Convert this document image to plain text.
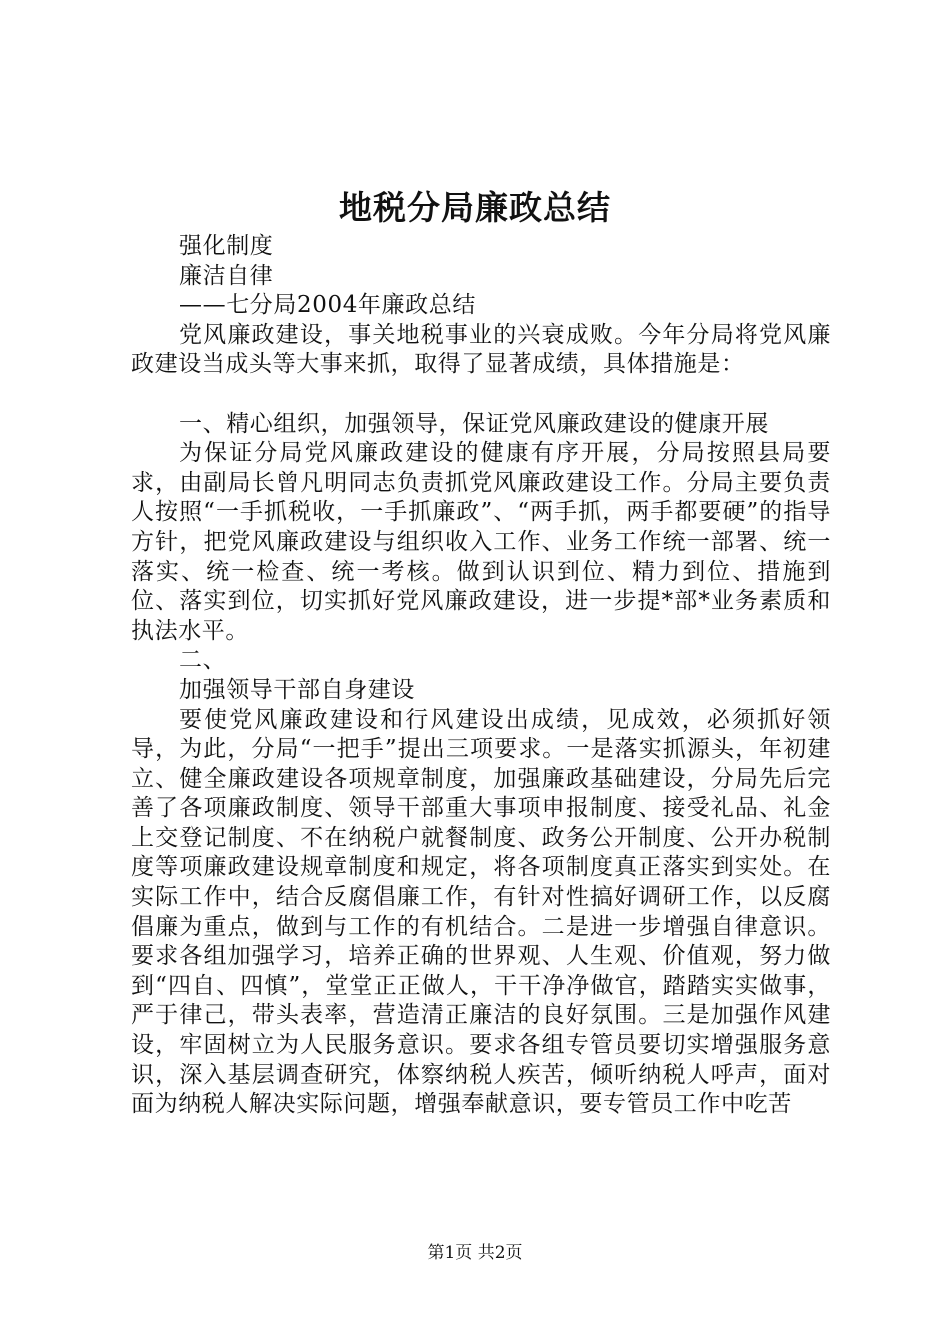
地税分局廉政总结

强化制度

廉洁自律

——七分局2004年廉政总结

党风廉政建设，事关地税事业的兴衰成败。今年分局将党风廉政建设当成头等大事来抓，取得了显著成绩，具体措施是：

一、精心组织，加强领导，保证党风廉政建设的健康开展

为保证分局党风廉政建设的健康有序开展，分局按照县局要求，由副局长曾凡明同志负责抓党风廉政建设工作。分局主要负责人按照“一手抓税收，一手抓廉政”、“两手抓，两手都要硬”的指导方针，把党风廉政建设与组织收入工作、业务工作统一部署、统一落实、统一检查、统一考核。做到认识到位、精力到位、措施到位、落实到位，切实抓好党风廉政建设，进一步提*部*业务素质和执法水平。

二、

加强领导干部自身建设

要使党风廉政建设和行风建设出成绩，见成效，必须抓好领导，为此，分局“一把手”提出三项要求。一是落实抓源头，年初建立、健全廉政建设各项规章制度，加强廉政基础建设，分局先后完善了各项廉政制度、领导干部重大事项申报制度、接受礼品、礼金上交登记制度、不在纳税户就餐制度、政务公开制度、公开办税制度等项廉政建设规章制度和规定，将各项制度真正落实到实处。在实际工作中，结合反腐倡廉工作，有针对性搞好调研工作，以反腐倡廉为重点，做到与工作的有机结合。二是进一步增强自律意识。要求各组加强学习，培养正确的世界观、人生观、价值观，努力做到“四自、四慎”，堂堂正正做人，干干净净做官，踏踏实实做事，严于律己，带头表率，营造清正廉洁的良好氛围。三是加强作风建设，牢固树立为人民服务意识。要求各组专管员要切实增强服务意识，深入基层调查研究，体察纳税人疾苦，倾听纳税人呼声，面对面为纳税人解决实际问题，增强奉献意识，要专管员工作中吃苦

第1页 共2页
